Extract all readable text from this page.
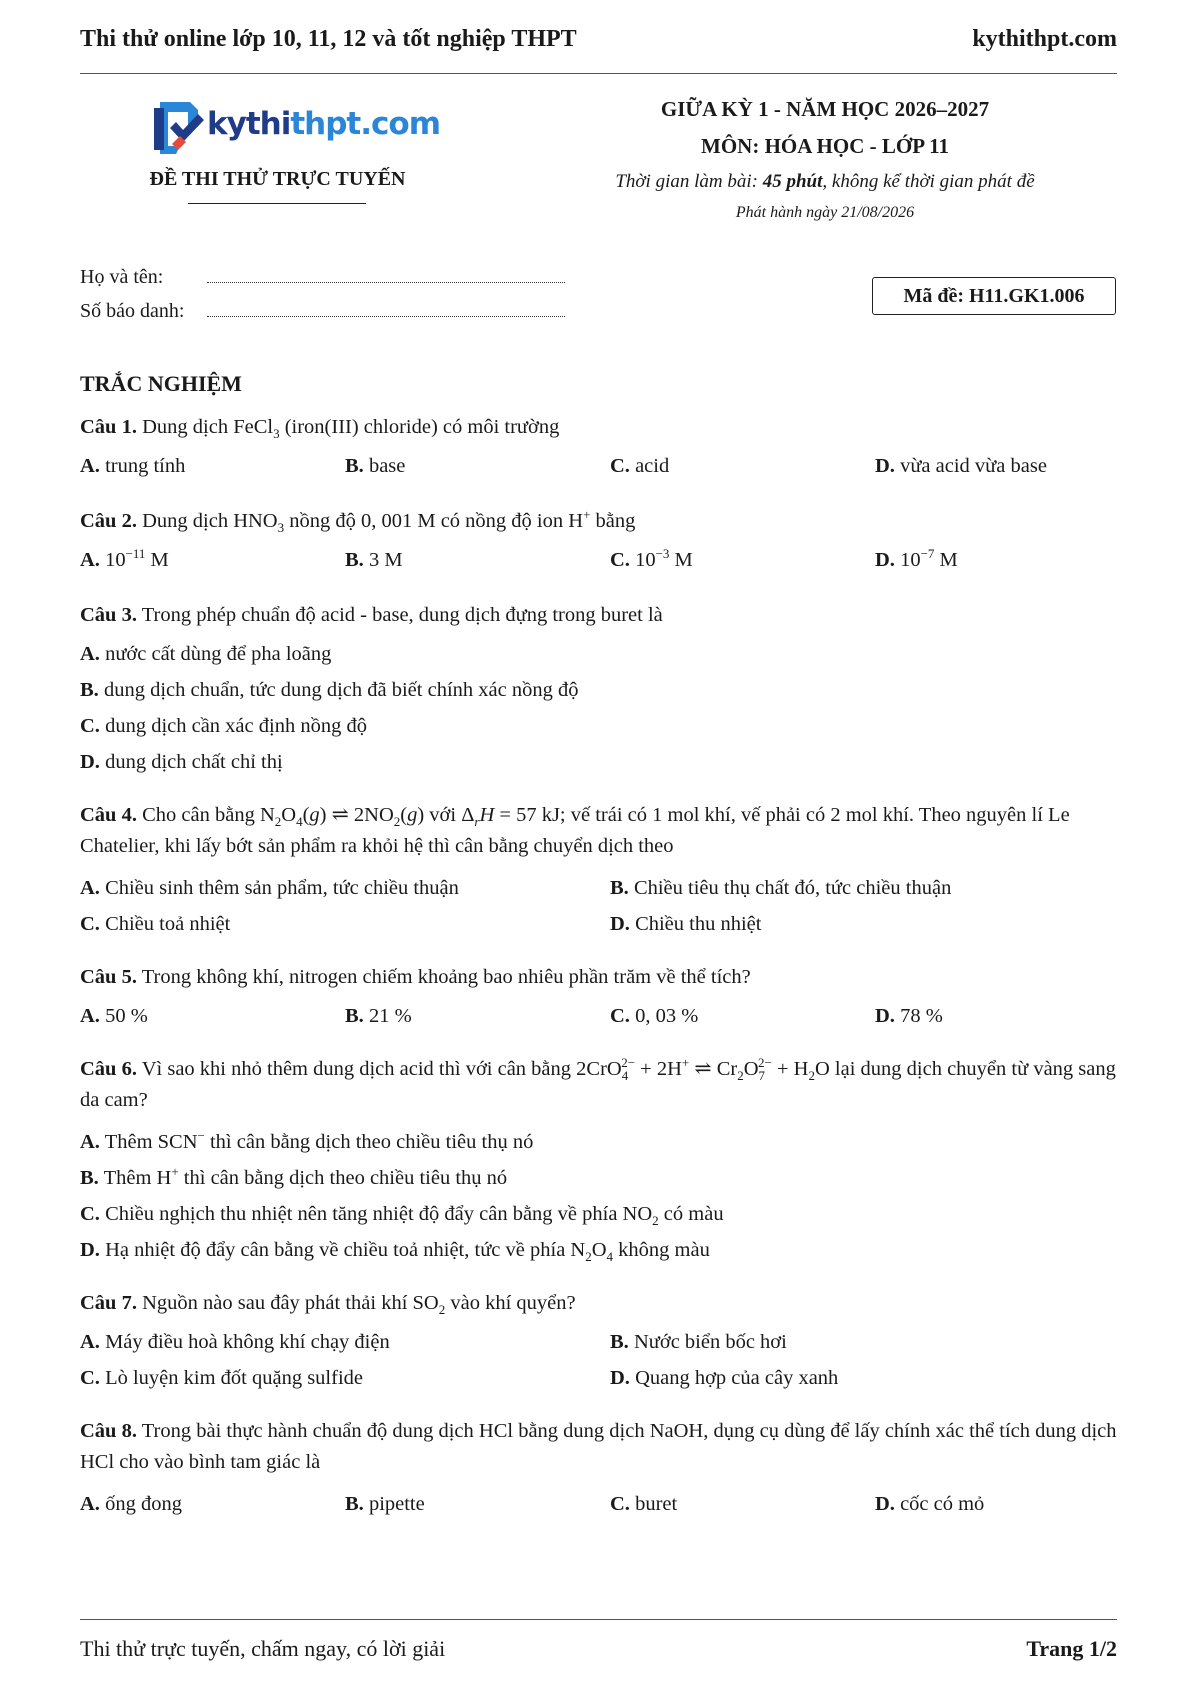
Thi thử online lớp 10, 11, 12 và tốt nghiệp THPT	kythithpt.com
kythithpt.com
ĐỀ THI THỬ TRỰC TUYẾN
GIỮA KỲ 1 - NĂM HỌC 2026–2027
MÔN: HÓA HỌC - LỚP 11
Thời gian làm bài: 45 phút, không kể thời gian phát đề
Phát hành ngày 21/08/2026
Họ và tên:
Số báo danh:
Mã đề: H11.GK1.006
TRẮC NGHIỆM
Câu 1. Dung dịch FeCl$_3$ (iron(III) chloride) có môi trường
A. trung tính	B. base	C. acid	D. vừa acid vừa base
Câu 2. Dung dịch $HNO_3$ nồng độ 0, 001 M có nồng độ ion H+ bằng
A. $10^{-11}$ M	B. 3 M	C. $10^{-3}$ M	D. $10^{-7}$ M
Câu 3. Trong phép chuẩn độ acid - base, dung dịch đựng trong buret là
A. nước cất dùng để pha loãng
B. dung dịch chuẩn, tức dung dịch đã biết chính xác nồng độ
C. dung dịch cần xác định nồng độ
D. dung dịch chất chỉ thị
Câu 4. Cho cân bằng $N_2O_4(g)$ ⇌ $2NO_2(g)$ với $\Delta_rH = 57$ kJ; vế trái có 1 mol khí, vế phải có 2 mol khí. Theo nguyên lí Le Chatelier, khi lấy bớt sản phẩm ra khỏi hệ thì cân bằng chuyển dịch theo
A. Chiều sinh thêm sản phẩm, tức chiều thuận	B. Chiều tiêu thụ chất đó, tức chiều thuận
C. Chiều toả nhiệt	D. Chiều thu nhiệt
Câu 5. Trong không khí, nitrogen chiếm khoảng bao nhiêu phần trăm về thể tích?
A. 50 %	B. 21 %	C. 0, 03 %	D. 78 %
Câu 6. Vì sao khi nhỏ thêm dung dịch acid thì với cân bằng 2CrO$_4^{2-}$ + 2H+ ⇌ $Cr_2O_7^{2-} + H_2O$ lại dung dịch chuyển từ vàng sang da cam?
A. Thêm SCN− thì cân bằng dịch theo chiều tiêu thụ nó
B. Thêm H+ thì cân bằng dịch theo chiều tiêu thụ nó
C. Chiều nghịch thu nhiệt nên tăng nhiệt độ đẩy cân bằng về phía $NO_2$ có màu
D. Hạ nhiệt độ đẩy cân bằng về chiều toả nhiệt, tức về phía $N_2O_4$ không màu
Câu 7. Nguồn nào sau đây phát thải khí $SO_2$ vào khí quyển?
A. Máy điều hoà không khí chạy điện	B. Nước biển bốc hơi
C. Lò luyện kim đốt quặng sulfide	D. Quang hợp của cây xanh
Câu 8. Trong bài thực hành chuẩn độ dung dịch HCl bằng dung dịch NaOH, dụng cụ dùng để lấy chính xác thể tích dung dịch HCl cho vào bình tam giác là
A. ống đong	B. pipette	C. buret	D. cốc có mỏ
Thi thử trực tuyến, chấm ngay, có lời giải	Trang 1/2
